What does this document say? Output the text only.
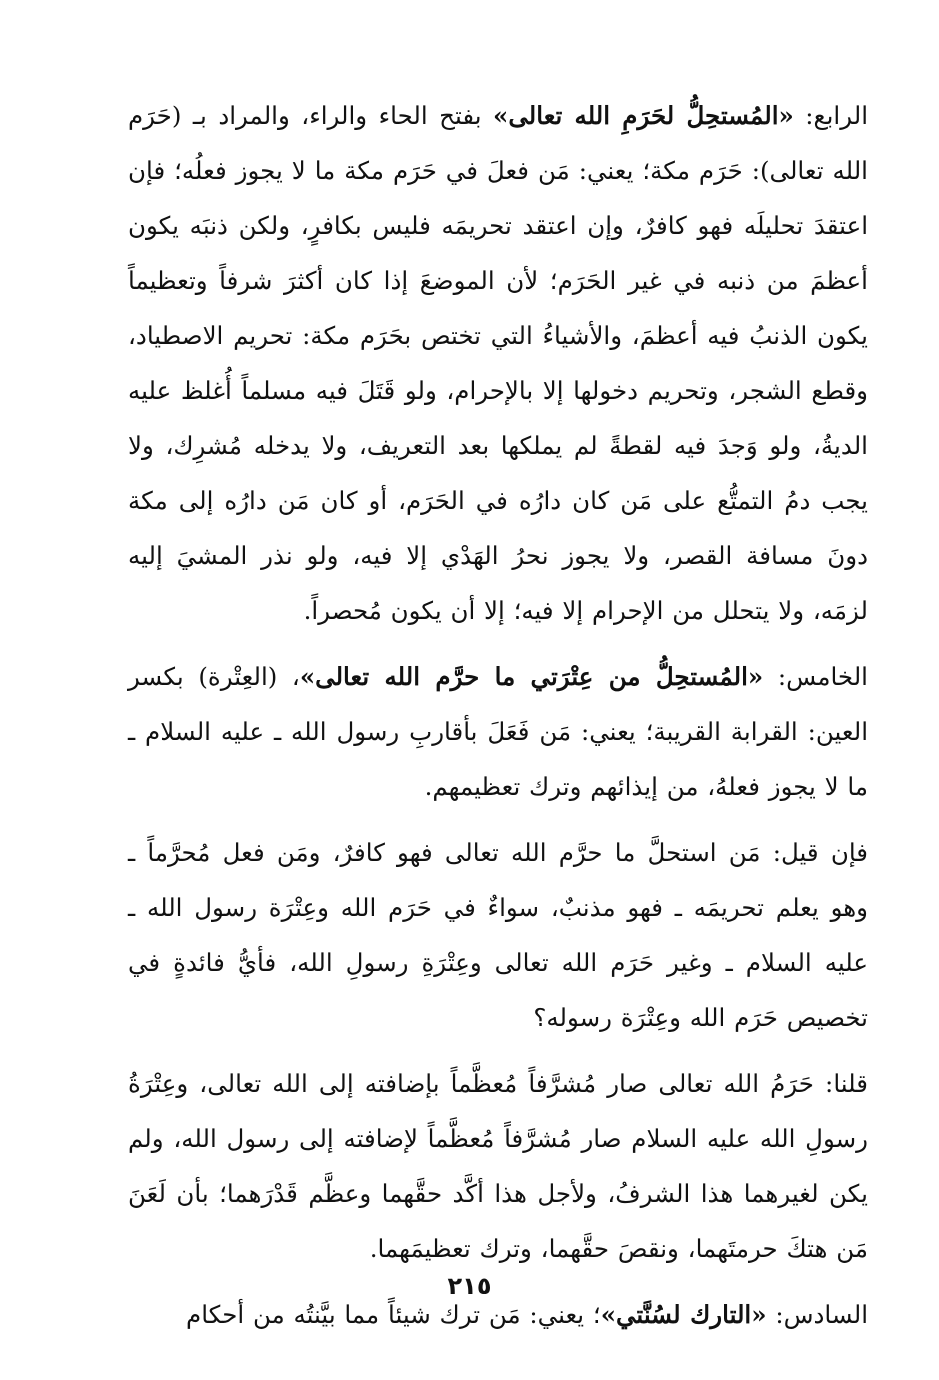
الرابع: «المُستحِلُّ لحَرَمِ الله تعالى» بفتح الحاء والراء، والمراد بـ (حَرَم الله تعالى): حَرَم مكة؛ يعني: مَن فعلَ في حَرَم مكة ما لا يجوز فعلُه؛ فإن اعتقدَ تحليلَه فهو كافرٌ، وإن اعتقد تحريمَه فليس بكافرٍ، ولكن ذنبَه يكون أعظمَ من ذنبه في غير الحَرَم؛ لأن الموضعَ إذا كان أكثرَ شرفاً وتعظيماً يكون الذنبُ فيه أعظمَ، والأشياءُ التي تختص بحَرَم مكة: تحريم الاصطياد، وقطع الشجر، وتحريم دخولها إلا بالإحرام، ولو قَتَلَ فيه مسلماً أُغلظ عليه الديةُ، ولو وَجدَ فيه لقطةً لم يملكها بعد التعريف، ولا يدخله مُشرِك، ولا يجب دمُ التمتُّع على مَن كان دارُه في الحَرَم، أو كان مَن دارُه إلى مكة دونَ مسافة القصر، ولا يجوز نحرُ الهَدْي إلا فيه، ولو نذر المشيَ إليه لزمَه، ولا يتحلل من الإحرام إلا فيه؛ إلا أن يكون مُحصراً.

الخامس: «المُستحِلُّ من عِتْرَتي ما حرَّم الله تعالى»، (العِتْرة) بكسر العين: القرابة القريبة؛ يعني: مَن فَعَلَ بأقاربِ رسول الله ـ عليه السلام ـ ما لا يجوز فعلهُ، من إيذائهم وترك تعظيمهم.

فإن قيل: مَن استحلَّ ما حرَّم الله تعالى فهو كافرٌ، ومَن فعل مُحرَّماً ـ وهو يعلم تحريمَه ـ فهو مذنبٌ، سواءٌ في حَرَم الله وعِتْرَة رسول الله ـ عليه السلام ـ وغير حَرَم الله تعالى وعِتْرَةِ رسولِ الله، فأيُّ فائدةٍ في تخصيص حَرَم الله وعِتْرَة رسوله؟

قلنا: حَرَمُ الله تعالى صار مُشرَّفاً مُعظَّماً بإضافته إلى الله تعالى، وعِتْرَةُ رسولِ الله عليه السلام صار مُشرَّفاً مُعظَّماً لإضافته إلى رسول الله، ولم يكن لغيرهما هذا الشرفُ، ولأجل هذا أكَّد حقَّهما وعظَّم قَدْرَهما؛ بأن لَعَنَ مَن هتكَ حرمتَهما، ونقصَ حقَّهما، وترك تعظيمَهما.

السادس: «التارك لسُنَّتي»؛ يعني: مَن ترك شيئاً مما بيَّنتُه من أحكام

٢١٥
